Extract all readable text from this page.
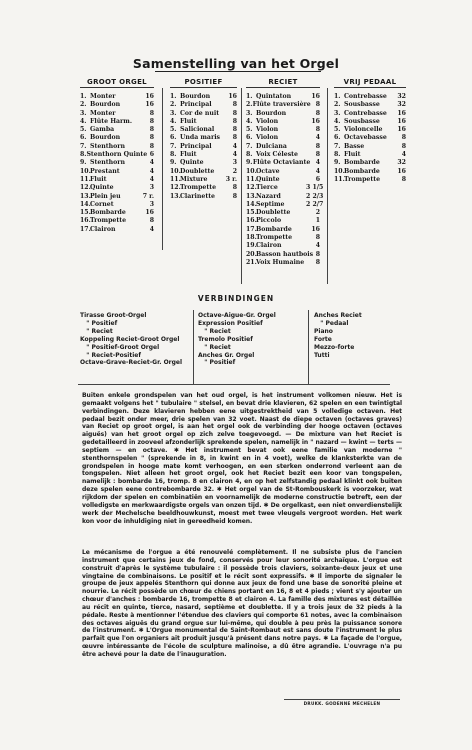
Samenstelling van het Orgel
GROOT ORGEL
1. Monter	16
2. Bourdon	16
3. Monter	8
4. Flûte Harm.	8
5. Gamba	8
6. Bourdon	8
7. Stenthorn	8
8. Stenthorn Quinte 6
9. Stenthorn	4
10. Prestant	4
11. Fluit	4
12. Quinte	3
13. Plein jeu	7 r.
14. Cornet	3
15. Bombarde	16
16. Trompette	8
17. Clairon	4
POSITIEF
1. Bourdon	16
2. Principal	8
3. Cor de nuit	8
4. Fluit	8
5. Salicional	8
6. Unda maris	8
7. Principal	4
8. Fluit	4
9. Quinte	3
10. Doublette	2
11. Mixture	3 r.
12. Trompette	8
13. Clarinette	8
RECIET
1. Quintaton	16
2. Flûte traversière 8
3. Bourdon	8
4. Violon	16
5. Violon	8
6. Violon	4
7. Dulciana	8
8. Voix Céleste	8
9. Flûte Octaviante 4
10. Octave	4
11. Quinte	6
12. Tierce	3 1/5
13. Nazard	2 2/3
14. Septime	2 2/7
15. Doublette	2
16. Piccolo	1
17. Bombarde	16
18. Trompette	8
19. Clairon	4
20. Basson hautbois 8
21. Voix Humaine	8
VRIJ PEDAAL
1. Contrebasse	32
2. Sousbasse	32
3. Contrebasse	16
4. Sousbasse	16
5. Violoncelle	16
6. Octavebasse	8
7. Basse	8
8. Fluit	4
9. Bombarde	32
10. Bombarde	16
11. Trompette	8
VERBINDINGEN
Tirasse Groot-Orgel
" Positief
" Reciet
Koppeling Reciet-Groot Orgel
" Positief-Groot Orgel
" Reciet-Positief
Octave-Grave-Reciet-Gr. Orgel
Octave-Aigue-Gr. Orgel
Expression Positief
" Reciet
Tremolo Positief
" Reciet
Anches Gr. Orgel
" Positief
Anches Reciet
" Pedaal
Piano
Forte
Mezzo-forte
Tutti
Buiten enkele grondspelen van het oud orgel, is het instrument volkomen nieuw. Het is gemaakt volgens het " tubulaire " stelsel, en bevat drie klavieren, 62 spelen en een twintigtal verbindingen. Deze klavieren hebben eene uitgestrektheid van 5 volledige octaven. Het pedaal bezit onder meer, drie spelen van 32 voet. Naast de diepe octaven (octaves graves) van Reciet op groot orgel, is aan het orgel ook de verbinding der hooge octaven (octaves aiguës) van het groot orgel op zich zelve toegevoegd. — De mixture van het Reciet is gedetailleerd in zooveel afzonderlijk sprekende spelen, namelijk in " nazard — kwint — terts — septiem — en octave. ✱ Het instrument bevat ook eene familie van moderne " stenthornspelen " (sprekende in 8, in kwint en in 4 voet), welke de klanksterkte van de grondspelen in hooge mate komt verhoogen, en een sterken onderrond verleent aan de tongspelen. Niet alleen het groot orgel, ook het Reciet bezit een koor van tongspelen, namelijk : bombarde 16, tromp. 8 en clairon 4, en op het zelfstandig pedaal klinkt ook buiten deze spelen eene contrebombarde 32. ✱ Het orgel van de St-Rombouskerk is voorzeker, wat rijkdom der spelen en combinatiën en voornamelijk de moderne constructie betreft, een der volledigste en merkwaardigste orgels van onzen tijd. ✱ De orgelkast, een niet onverdienstelijk werk der Mechelsche beeldhouwkunst, moest met twee vleugels vergroot worden. Het werk kon voor de inhuldiging niet in gereedheid komen.
Le mécanisme de l'orgue a été renouvelé complètement. Il ne subsiste plus de l'ancien instrument que certains jeux de fond, conservés pour leur sonorité archaïque. L'orgue est construit d'après le système tubulaire : il possède trois claviers, soixante-deux jeux et une vingtaine de combinaisons. Le positif et le récit sont expressifs. ✱ Il importe de signaler le groupe de jeux appelés Stenthorn qui donne aux jeux de fond une base de sonorité pleine et nourrie. Le récit possède un chœur de chiens portant en 16, 8 et 4 pieds ; vient s'y ajouter un chœur d'anches : bombarde 16, trompette 8 et clairon 4. La famille des mixtures est détaillée au récit en quinte, tierce, nasard, septième et doublette. Il y a trois jeux de 32 pieds à la pédale. Reste à mentionner l'étendue des claviers qui comporte 61 notes, avec la combinaison des octaves aiguës du grand orgue sur lui-même, qui double à peu près la puissance sonore de l'instrument. ✱ L'Orgue monumental de Saint-Rombaut est sans doute l'instrument le plus parfait que l'on organiers ait produit jusqu'à présent dans notre pays. ✱ La façade de l'orgue, œuvre intéressante de l'école de sculpture malinoise, a dû être agrandie. L'ouvrage n'a pu être achevé pour la date de l'inauguration.
DRUKK. GODENNE MECHELEN
